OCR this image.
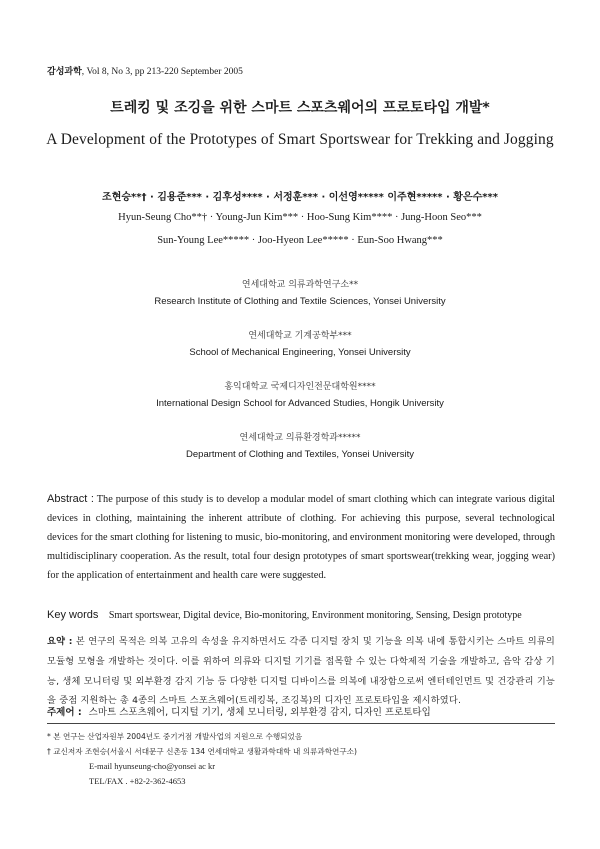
감성과학, Vol 8, No 3, pp 213-220 September 2005
트레킹 및 조깅을 위한 스마트 스포츠웨어의 프로토타입 개발*
A Development of the Prototypes of Smart Sportswear for Trekking and Jogging
조현승**† · 김용준*** · 김후성**** · 서정훈*** · 이선영***** 이주현***** · 황은수***
Hyun-Seung Cho**† · Young-Jun Kim*** · Hoo-Sung Kim**** · Jung-Hoon Seo***
Sun-Young Lee***** · Joo-Hyeon Lee***** · Eun-Soo Hwang***
연세대학교 의류과학연구소**
Research Institute of Clothing and Textile Sciences, Yonsei University
연세대학교 기계공학부***
School of Mechanical Engineering, Yonsei University
홍익대학교 국제디자인전문대학원****
International Design School for Advanced Studies, Hongik University
연세대학교 의류환경학과*****
Department of Clothing and Textiles, Yonsei University
Abstract : The purpose of this study is to develop a modular model of smart clothing which can integrate various digital devices in clothing, maintaining the inherent attribute of clothing. For achieving this purpose, several technological devices for the smart clothing for listening to music, bio-monitoring, and environment monitoring were developed, through multidisciplinary cooperation. As the result, total four design prototypes of smart sportswear(trekking wear, jogging wear) for the application of entertainment and health care were suggested.
Key words Smart sportswear, Digital device, Bio-monitoring, Environment monitoring, Sensing, Design prototype
요약 : 본 연구의 목적은 의복 고유의 속성을 유지하면서도 각종 디지털 장치 및 기능을 의복 내에 통합시키는 스마트 의류의 모듈형 모형을 개발하는 것이다. 이를 위하여 의류와 디지털 기기를 접목할 수 있는 다학제적 기술을 개발하고, 음악 감상 기능, 생체 모니터링 및 외부환경 감지 기능 등 다양한 디지털 디바이스를 의복에 내장함으로써 엔터테인먼트 및 건강관리 기능을 중점 지원하는 총 4종의 스마트 스포츠웨어(트레킹복, 조깅복)의 디자인 프로토타입을 제시하였다.
주제어 : 스마트 스포츠웨어, 디지털 기기, 생체 모니터링, 외부환경 감지, 디자인 프로토타입
* 본 연구는 산업자원부 2004년도 중기거점 개발사업의 지원으로 수행되었음
† 교신저자 조현승(서울시 서대문구 신촌동 134 연세대학교 생활과학대학 내 의류과학연구소)
E-mail hyunseung-cho@yonsei ac kr
TEL/FAX . +82-2-362-4653
